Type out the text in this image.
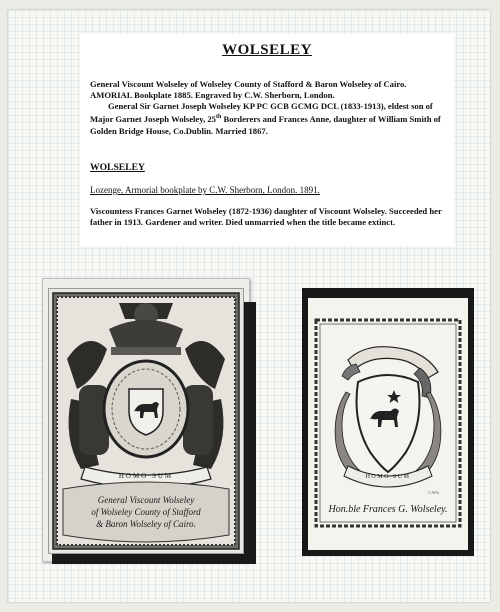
WOLSELEY
General Viscount Wolseley of Wolseley County of Stafford & Baron Wolseley of Cairo. AMORIAL Bookplate 1885. Engraved by C.W. Sherborn, London.
General Sir Garnet Joseph Wolseley KP PC GCB GCMG DCL (1833-1913), eldest son of Major Garnet Joseph Wolseley, 25th Borderers and Frances Anne, daughter of William Smith of Golden Bridge House, Co.Dublin. Married 1867.
WOLSELEY
Lozenge, Armorial bookplate by C.W. Sherborn, London. 1891.
Viscountess Frances Garnet Wolseley (1872-1936) daughter of Viscount Wolseley. Succeeded her father in 1913. Gardener and writer. Died unmarried when the title became extinct.
HOMO SUM
General Viscount Wolseley
of Wolseley County of Stafford
& Baron Wolseley of Cairo.
HOMO SUM
C.W.S.
Hon.ble Frances G. Wolseley.
